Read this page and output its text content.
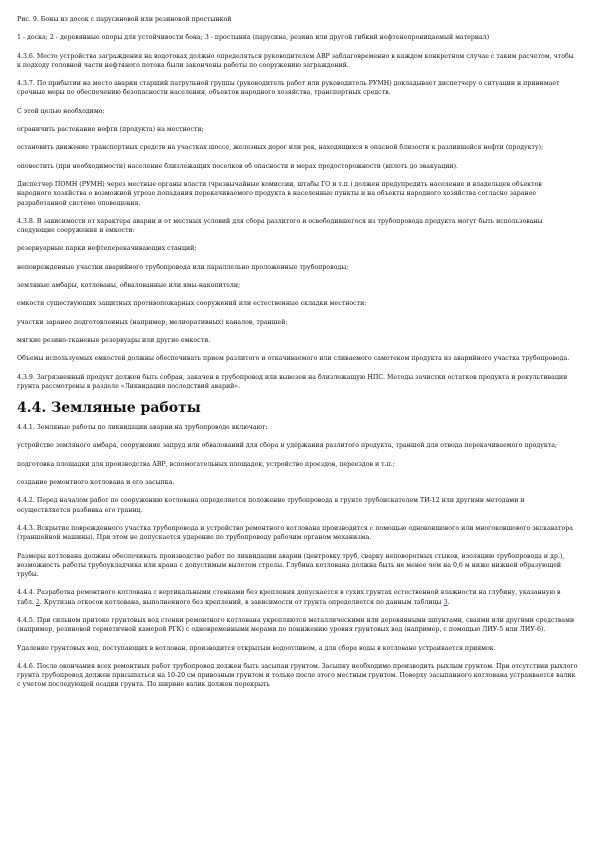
Рис. 9. Боны из досок с парусиновой или резиновой простынкой

1 - доска; 2 - деревянные опоры для устойчивости бона; 3 - простынка (парусина, резина или другой гибкий нефтенепроницаемый материал)

4.3.6. Место устройства заграждения на водотоках должно определяться руководителем АВР заблаговременно в каждом конкретном случае с таким расчетом, чтобы к подходу головной части нефтяного потока были закончены работы по сооружению заграждений.

4.3.7. По прибытии на место аварии старший патрульной группы (руководитель работ или руководитель РУМН) докладывает диспетчеру о ситуации и принимает срочные меры по обеспечению безопасности населения, объектов народного хозяйства, транспортных средств.

С этой целью необходимо:

ограничить растекание нефти (продукта) на местности;

остановить движение транспортных средств на участках шоссе, железных дорог или рек, находящихся в опасной близости к разлившейся нефти (продукту);

оповестить (при необходимости) население близлежащих поселков об опасности и мерах предосторожности (вплоть до эвакуации).

Диспетчер ПОМН (РУМН) через местные органы власти (чрезвычайные комиссии, штабы ГО и т.п.) должен предупредить население и владельцев объектов народного хозяйства о возможной угрозе попадания перекачиваемого продукта в населенные пункты и на объекты народного хозяйства согласно заранее разработанной системе оповещения.

4.3.8. В зависимости от характера аварии и от местных условий для сбора разлитого и освободившегося из трубопровода продукта могут быть использованы следующие сооружения и емкости:

резервуарные парки нефтеперекачивающих станций;

неповрежденные участки аварийного трубопровода или параллельно проложенные трубопроводы;

земляные амбары, котлованы, обвалованные или ямы-накопители;

емкости существующих защитных противопожарных сооружений или естественные складки местности;

участки заранее подготовленных (например, мелиоративных) каналов, траншей;

мягкие резино-тканевые резервуары или другие емкости.

Объемы используемых емкостей должны обеспечивать прием разлитого и откачиваемого или сливаемого самотеком продукта из аварийного участка трубопровода.

4.3.9. Загрязненный продукт должен быть собран, закачен в трубопровод или вывезен на близлежащую НПС. Методы зачистки остатков продукта и рекультивации грунта рассмотрены в разделе «Ликвидация последствий аварий».

4.4. Земляные работы

4.4.1. Земляные работы по ликвидации аварии на трубопроводе включают:

устройство земляного амбара, сооружение запруд или обвалований для сбора и удержания разлитого продукта, траншей для отвода перекачиваемого продукта;

подготовка площадки для производства АВР, вспомогательных площадок, устройство проездов, переездов и т.п.;

создание ремонтного котлована и его засыпка.

4.4.2. Перед началом работ по сооружению котлована определяется положение трубопровода в грунте трубоискателем ТИ-12 или другими методами и осуществляется разбивка его границ.

4.4.3. Вскрытие поврежденного участка трубопровода и устройство ремонтного котлована производится с помощью одноковшового или многоковшового экскаватора (траншейной машины). При этом не допускается ударение по трубопроводу рабочим органом механизма.

Размеры котлована должны обеспечивать производство работ по ликвидации аварии (центровку труб, сварку неповоротных стыков, изоляцию трубопровода и др.), возможность работы трубоукладчика или крана с допустимым вылетом стрелы. Глубина котлована должна быть не менее чем на 0,6 м ниже нижней образующей трубы.

4.4.4. Разработка ремонтного котлована с вертикальными стенками без крепления допускается в сухих грунтах естественной влажности на глубину, указанную в табл. 2. Крутизна откосов котлована, выполненного без креплений, в зависимости от грунта определяется по данным таблицы 3.

4.4.5. При сильном притоке грунтовых вод стенки ремонтного котлована укрепляются металлическими или деревянными шпунтами, сваями или другими средствами (например, резиновой герметичной камерой РГК) с одновременными мерами по понижению уровня грунтовых вод (например, с помощью ЛИУ-5 или ЛИУ-6).

Удаление грунтовых вод, поступающих в котлован, производится открытым водоотливом, а для сбора воды в котловане устраивается приямок.

4.4.6. После окончания всех ремонтных работ трубопровод должен быть засыпан грунтом. Засыпку необходимо производить рыхлым грунтом. При отсутствии рыхлого грунта трубопровод должен присыпаться на 10-20 см привозным грунтом и только после этого местным грунтом. Поверху засыпанного котлована устраивается валик с учетом последующей осадки грунта. По ширине валик должен перекрыть
